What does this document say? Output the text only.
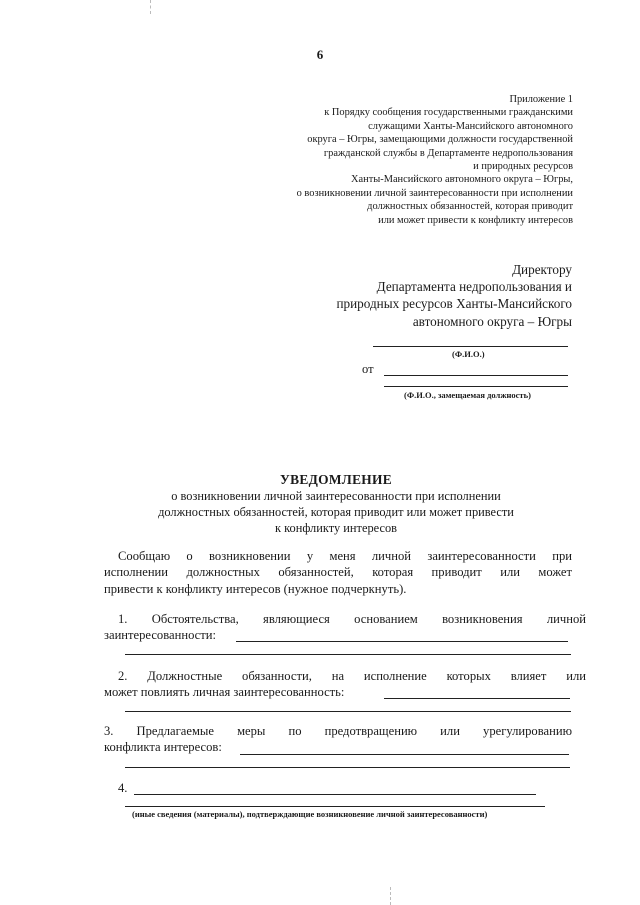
6
Приложение 1
к Порядку сообщения государственными гражданскими
служащими Ханты-Мансийского автономного
округа – Югры, замещающими должности государственной
гражданской службы в Департаменте недропользования
и природных ресурсов
Ханты-Мансийского автономного округа – Югры,
о возникновении личной заинтересованности при исполнении
должностных обязанностей, которая приводит
или может привести к конфликту интересов
Директору
Департамента недропользования и
природных ресурсов Ханты-Мансийского
автономного округа – Югры
(Ф.И.О.)
от
(Ф.И.О., замещаемая должность)
УВЕДОМЛЕНИЕ
о возникновении личной заинтересованности при исполнении
должностных обязанностей, которая приводит или может привести
к конфликту интересов
Сообщаю о возникновении у меня личной заинтересованности при
исполнении должностных обязанностей, которая приводит или может
привести к конфликту интересов (нужное подчеркнуть).
1. Обстоятельства, являющиеся основанием возникновения личной
заинтересованности:
2. Должностные обязанности, на исполнение которых влияет или
может повлиять личная заинтересованность:
3. Предлагаемые меры по предотвращению или урегулированию
конфликта интересов:
4.
(иные сведения (материалы), подтверждающие возникновение личной заинтересованности)
